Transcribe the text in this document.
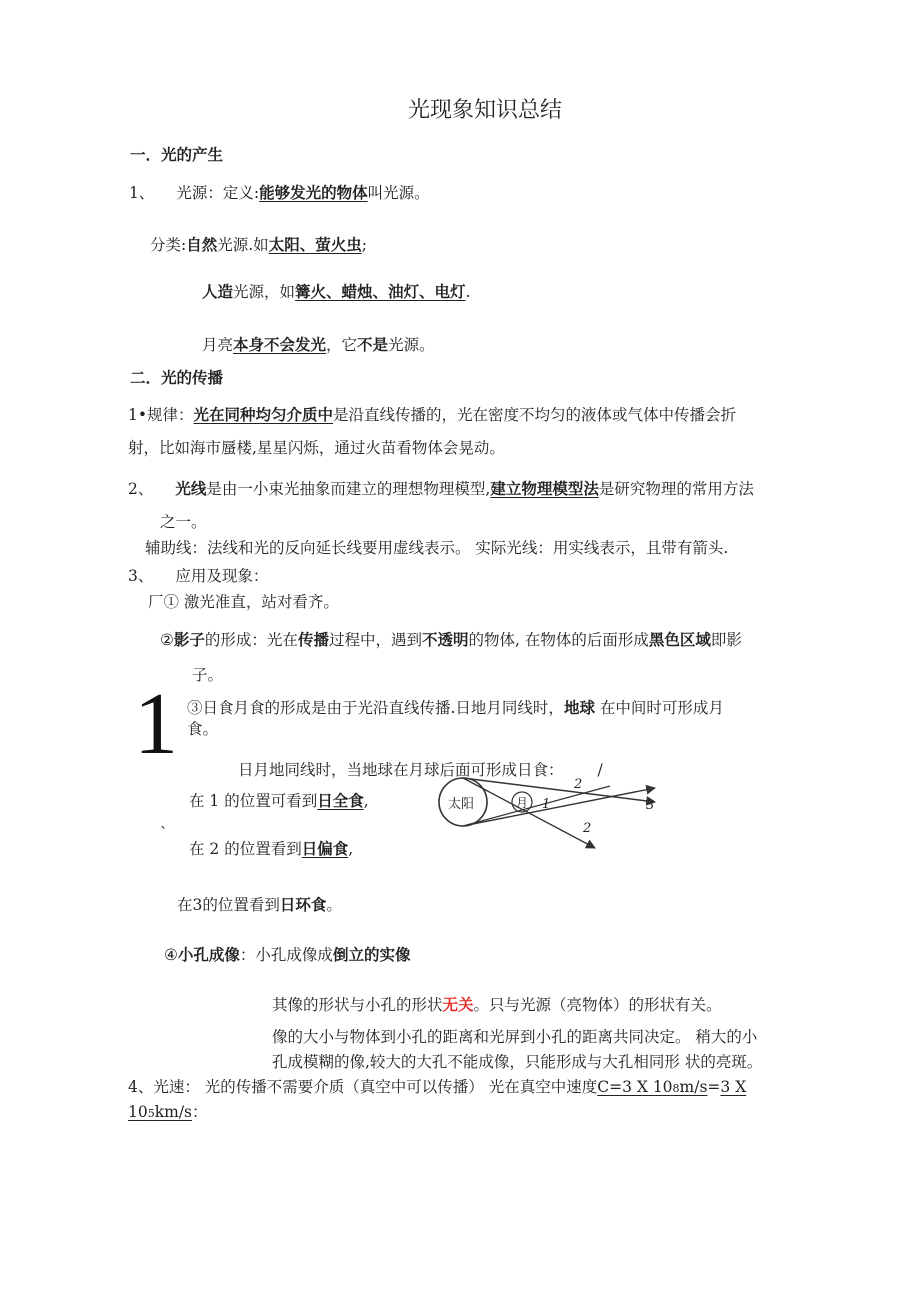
光现象知识总结
一．光的产生
1、 光源：定义:能够发光的物体叫光源。
分类:自然光源.如太阳、萤火虫;
人造光源，如篝火、蜡烛、油灯、电灯.
月亮本身不会发光，它不是光源。
二．光的传播
1•规律：光在同种均匀介质中是沿直线传播的，光在密度不均匀的液体或气体中传播会折
射，比如海市蜃楼,星星闪烁，通过火苗看物体会晃动。
2、 光线是由一小束光抽象而建立的理想物理模型,建立物理模型法是研究物理的常用方法
之一。
辅助线：法线和光的反向延长线要用虚线表示。 实际光线：用实线表示，且带有箭头.
3、 应用及现象：
厂① 激光准直，站对看齐。
②影子的形成：光在传播过程中，遇到不透明的物体, 在物体的后面形成黑色区域即影
子。
1 ③日食月食的形成是由于光沿直线传播.日地月同线时，地球 在中间时可形成月
食。
日月地同线时，当地球在月球后面可形成日食： /
在 1 的位置可看到日全食,
ˋ
在 2 的位置看到日偏食,
在3的位置看到日环食。
④小孔成像：小孔成像成倒立的实像
其像的形状与小孔的形状无关。只与光源（亮物体）的形状有关。
像的大小与物体到小孔的距离和光屏到小孔的距离共同决定。 稍大的小
孔成模糊的像,较大的大孔不能成像，只能形成与大孔相同形 状的亮斑。
4、光速： 光的传播不需要介质（真空中可以传播） 光在真空中速度C=3 X 108m/s=3 X
105km/s：
太阳	月 1
2
2
3
